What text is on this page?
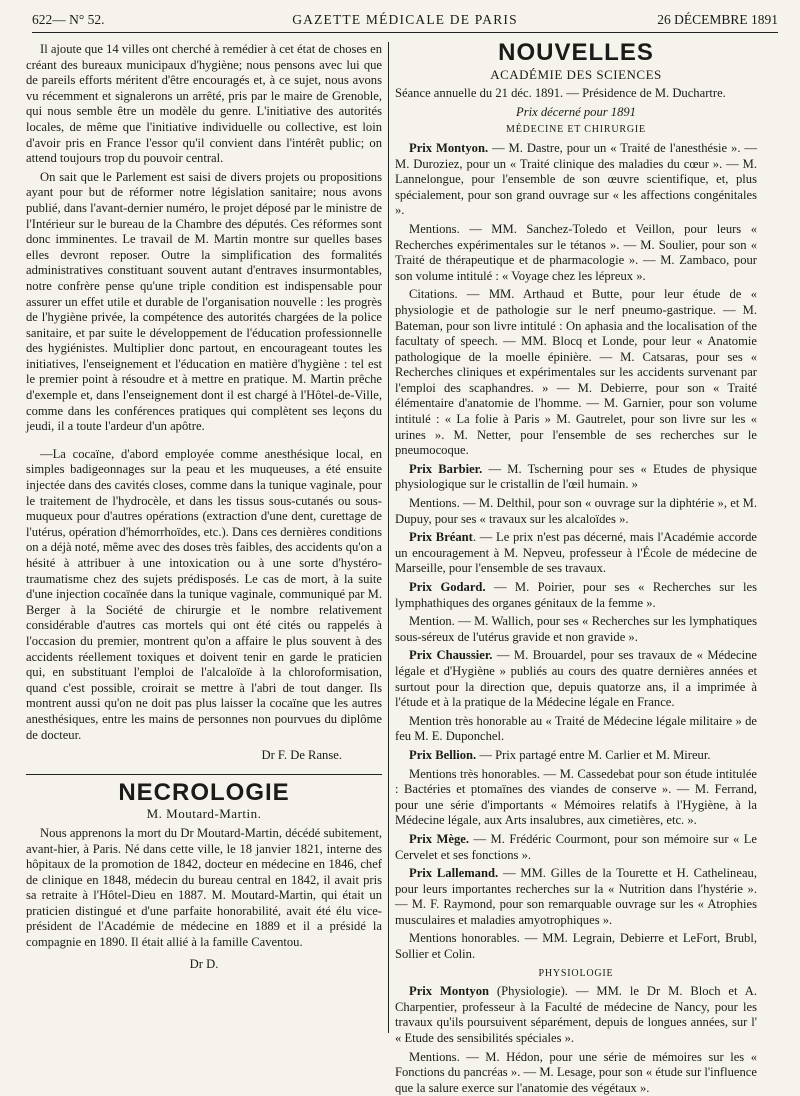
622— N° 52.	GAZETTE MÉDICALE DE PARIS	26 DÉCEMBRE 1891

Il ajoute que 14 villes ont cherché à remédier à cet état de choses en créant des bureaux municipaux d'hygiène; nous pensons avec lui que de pareils efforts méritent d'être encouragés et, à ce sujet, nous avons vu récemment et signalerons un arrêté, pris par le maire de Grenoble, qui nous semble être un modèle du genre. L'initiative des autorités locales, de même que l'initiative individuelle ou collective, est loin d'avoir pris en France l'essor qu'il convient dans l'intérêt public; on attend toujours trop du pouvoir central.

On sait que le Parlement est saisi de divers projets ou propositions ayant pour but de réformer notre législation sanitaire; nous avons publié, dans l'avant-dernier numéro, le projet déposé par le ministre de l'Intérieur sur le bureau de la Chambre des députés. Ces réformes sont donc imminentes. Le travail de M. Martin montre sur quelles bases elles devront reposer. Outre la simplification des formalités administratives constituant souvent autant d'entraves insurmontables, notre confrère pense qu'une triple condition est indispensable pour assurer un effet utile et durable de l'organisation nouvelle : les progrès de l'hygiène privée, la compétence des autorités chargées de la police sanitaire, et par suite le développement de l'éducation professionnelle des hygiénistes. Multiplier donc partout, en encourageant toutes les initiatives, l'enseignement et l'éducation en matière d'hygiène : tel est le premier point à résoudre et à mettre en pratique. M. Martin prêche d'exemple et, dans l'enseignement dont il est chargé à l'Hôtel-de-Ville, comme dans les conférences pratiques qui complètent ses leçons du jeudi, il a toute l'ardeur d'un apôtre.

—La cocaïne, d'abord employée comme anesthésique local, en simples badigeonnages sur la peau et les muqueuses, a été ensuite injectée dans des cavités closes, comme dans la tunique vaginale, pour le traitement de l'hydrocèle, et dans les tissus sous-cutanés ou sous-muqueux pour d'autres opérations (extraction d'une dent, curettage de l'utérus, opération d'hémorrhoïdes, etc.). Dans ces dernières conditions on a déjà noté, même avec des doses très faibles, des accidents qu'on a hésité à attribuer à une intoxication ou à une sorte d'hystéro-traumatisme chez des sujets prédisposés. Le cas de mort, à la suite d'une injection cocaïnée dans la tunique vaginale, communiqué par M. Berger à la Société de chirurgie et le nombre relativement considérable d'autres cas mortels qui ont été cités ou rappelés à l'occasion du premier, montrent qu'on a affaire le plus souvent à des accidents réellement toxiques et doivent tenir en garde le praticien qui, en substituant l'emploi de l'alcaloïde à la chloroformisation, quand c'est possible, croirait se mettre à l'abri de tout danger. Ils montrent aussi qu'on ne doit pas plus laisser la cocaïne que les autres anesthésiques, entre les mains de personnes non pourvues du diplôme de docteur.

Dr F. De Ranse.
NECROLOGIE
M. Moutard-Martin.

Nous apprenons la mort du Dr Moutard-Martin, décédé subitement, avant-hier, à Paris. Né dans cette ville, le 18 janvier 1821, interne des hôpitaux de la promotion de 1842, docteur en médecine en 1846, chef de clinique en 1848, médecin du bureau central en 1842, il avait pris sa retraite à l'Hôtel-Dieu en 1887. M. Moutard-Martin, qui était un praticien distingué et d'une parfaite honorabilité, avait été élu vice-président de l'Académie de médecine en 1889 et il a présidé la compagnie en 1890. Il était allié à la famille Caventou.

Dr D.
NOUVELLES
ACADÉMIE DES SCIENCES

Séance annuelle du 21 déc. 1891. — Présidence de M. Duchartre.

Prix décerné pour 1891
MÉDECINE ET CHIRURGIE

Prix Montyon. — M. Dastre, pour un « Traité de l'anesthésie ». — M. Duroziez, pour un « Traité clinique des maladies du cœur ». — M. Lannelongue, pour l'ensemble de son œuvre scientifique, et, plus spécialement, pour son grand ouvrage sur « les affections congénitales ».

Mentions. — MM. Sanchez-Toledo et Veillon, pour leurs « Recherches expérimentales sur le tétanos ». — M. Soulier, pour son « Traité de thérapeutique et de pharmacologie ». — M. Zambaco, pour son volume intitulé : « Voyage chez les lépreux ».

Citations. — MM. Arthaud et Butte, pour leur étude de « physiologie et de pathologie sur le nerf pneumo-gastrique. — M. Bateman, pour son livre intitulé : On aphasia and the localisation of the facultaty of speech. — MM. Blocq et Londe, pour leur « Anatomie pathologique de la moelle épinière. — M. Catsaras, pour ses « Recherches cliniques et expérimentales sur les accidents survenant par l'emploi des scaphandres. » — M. Debierre, pour son « Traité élémentaire d'anatomie de l'homme. — M. Garnier, pour son volume intitulé : « La folie à Paris » M. Gautrelet, pour son livre sur les « urines ». M. Netter, pour l'ensemble de ses recherches sur le pneumocoque.

Prix Barbier. — M. Tscherning pour ses « Etudes de physique physiologique sur le cristallin de l'œil humain. »

Mentions. — M. Delthil, pour son « ouvrage sur la diphtérie », et M. Dupuy, pour ses « travaux sur les alcaloïdes ».

Prix Bréant. — Le prix n'est pas décerné, mais l'Académie accorde un encouragement à M. Nepveu, professeur à l'École de médecine de Marseille, pour l'ensemble de ses travaux.

Prix Godard. — M. Poirier, pour ses « Recherches sur les lymphathiques des organes génitaux de la femme ».

Mention. — M. Wallich, pour ses « Recherches sur les lymphatiques sous-séreux de l'utérus gravide et non gravide ».

Prix Chaussier. — M. Brouardel, pour ses travaux de « Médecine légale et d'Hygiène » publiés au cours des quatre dernières années et surtout pour la direction que, depuis quatorze ans, il a imprimée à l'étude et à la pratique de la Médecine légale en France.

Mention très honorable au « Traité de Médecine légale militaire » de feu M. E. Duponchel.

Prix Bellion. — Prix partagé entre M. Carlier et M. Mireur.

Mentions très honorables. — M. Cassedebat pour son étude intitulée : Bactéries et ptomaïnes des viandes de conserve ». — M. Ferrand, pour une série d'importants « Mémoires relatifs à l'Hygiène, à la Médecine légale, aux Arts insalubres, aux cimetières, etc. ».

Prix Mège. — M. Frédéric Courmont, pour son mémoire sur « Le Cervelet et ses fonctions ».

Prix Lallemand. — MM. Gilles de la Tourette et H. Cathelineau, pour leurs importantes recherches sur la « Nutrition dans l'hystérie ». — M. F. Raymond, pour son remarquable ouvrage sur les « Atrophies musculaires et maladies amyotrophiques ».

Mentions honorables. — MM. Legrain, Debierre et LeFort, Brubl, Sollier et Colin.

PHYSIOLOGIE

Prix Montyon (Physiologie). — MM. le Dr M. Bloch et A. Charpentier, professeur à la Faculté de médecine de Nancy, pour les travaux qu'ils poursuivent séparément, depuis de longues années, sur l' « Etude des sensibilités spéciales ».

Mentions. — M. Hédon, pour une série de mémoires sur les « Fonctions du pancréas ». — M. Lesage, pour son « étude sur l'influence que la salure exerce sur l'anatomie des végétaux ».
